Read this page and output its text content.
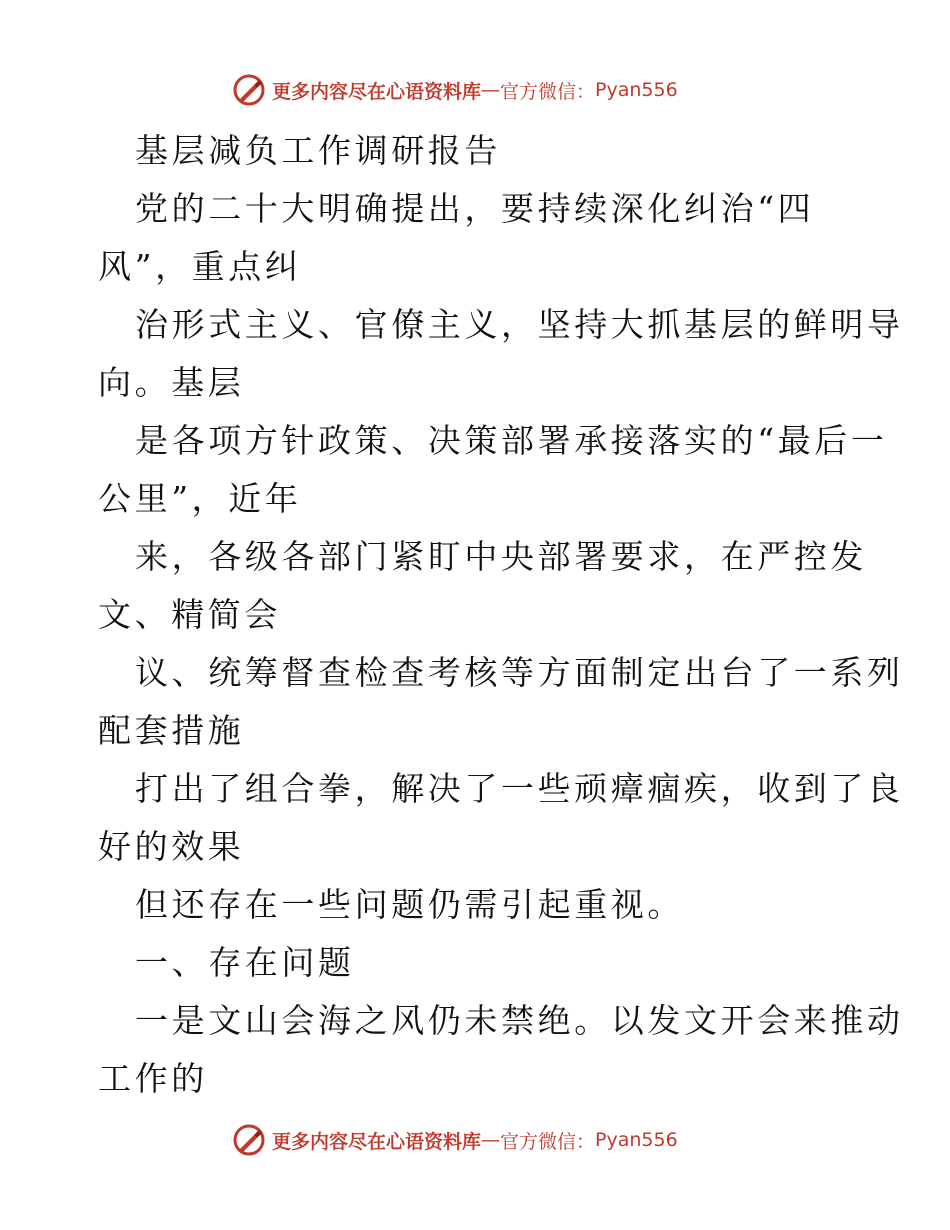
更多内容尽在心语资料库 — 官方微信： Pyan556
基层减负工作调研报告
党的二十大明确提出，要持续深化纠治“四
风”，重点纠
治形式主义、官僚主义，坚持大抓基层的鲜明导
向。基层
是各项方针政策、决策部署承接落实的“最后一
公里”，近年
来，各级各部门紧盯中央部署要求，在严控发
文、精简会
议、统筹督查检查考核等方面制定出台了一系列
配套措施
打出了组合拳，解决了一些顽瘴痼疾，收到了良
好的效果
但还存在一些问题仍需引起重视。
一、存在问题
一是文山会海之风仍未禁绝。以发文开会来推动
工作的
更多内容尽在心语资料库 — 官方微信： Pyan556
